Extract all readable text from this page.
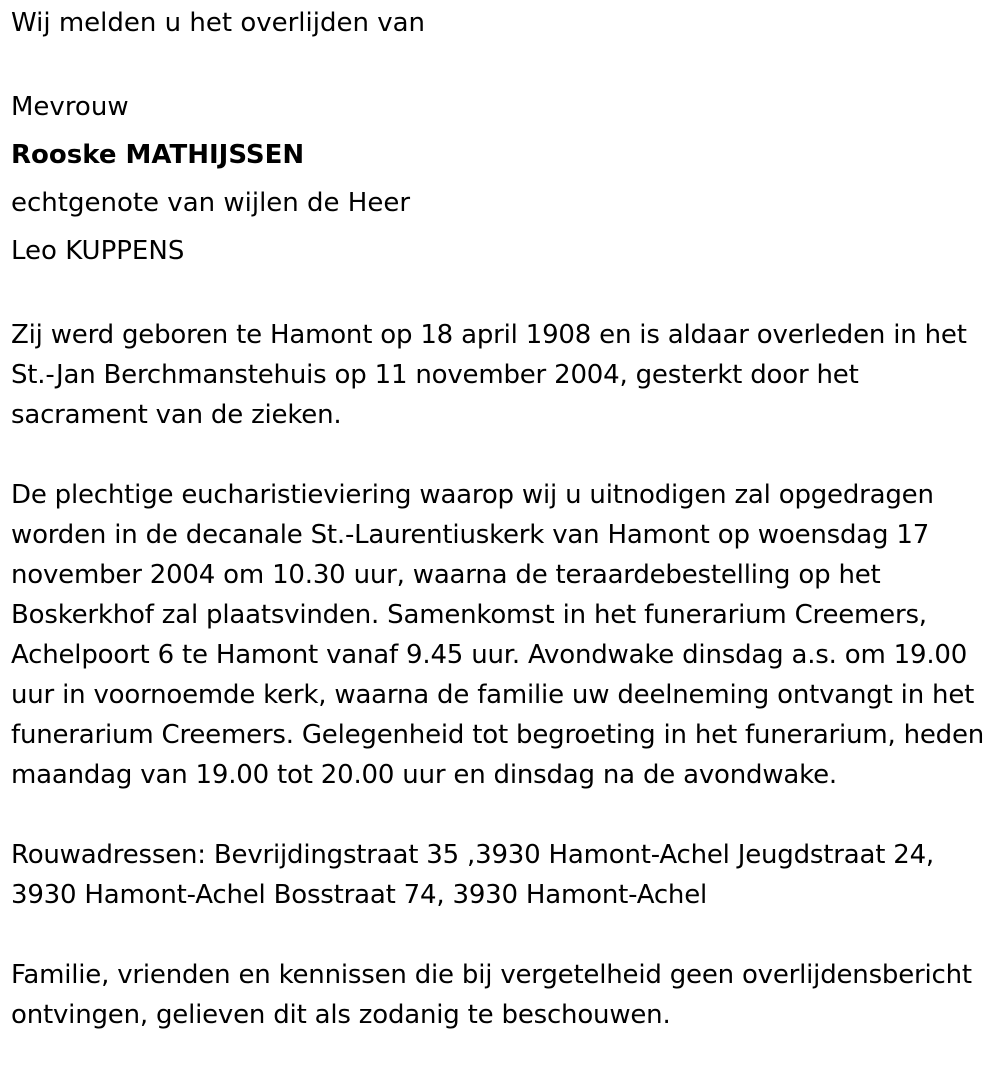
Wij melden u het overlijden van

Mevrouw

Rooske MATHIJSSEN

echtgenote van wijlen de Heer

Leo KUPPENS

Zij werd geboren te Hamont op 18 april 1908 en is aldaar overleden in het St.-Jan Berchmanstehuis op 11 november 2004, gesterkt door het sacrament van de zieken.

De plechtige eucharistieviering waarop wij u uitnodigen zal opgedragen worden in de decanale St.-Laurentiuskerk van Hamont op woensdag 17 november 2004 om 10.30 uur, waarna de teraardebestelling op het Boskerkhof zal plaatsvinden. Samenkomst in het funerarium Creemers, Achelpoort 6 te Hamont vanaf 9.45 uur. Avondwake dinsdag a.s. om 19.00 uur in voornoemde kerk, waarna de familie uw deelneming ontvangt in het funerarium Creemers. Gelegenheid tot begroeting in het funerarium, heden maandag van 19.00 tot 20.00 uur en dinsdag na de avondwake.

Rouwadressen: Bevrijdingstraat 35 ,3930 Hamont-Achel Jeugdstraat 24, 3930 Hamont-Achel Bosstraat 74, 3930 Hamont-Achel

Familie, vrienden en kennissen die bij vergetelheid geen overlijdensbericht ontvingen, gelieven dit als zodanig te beschouwen.
